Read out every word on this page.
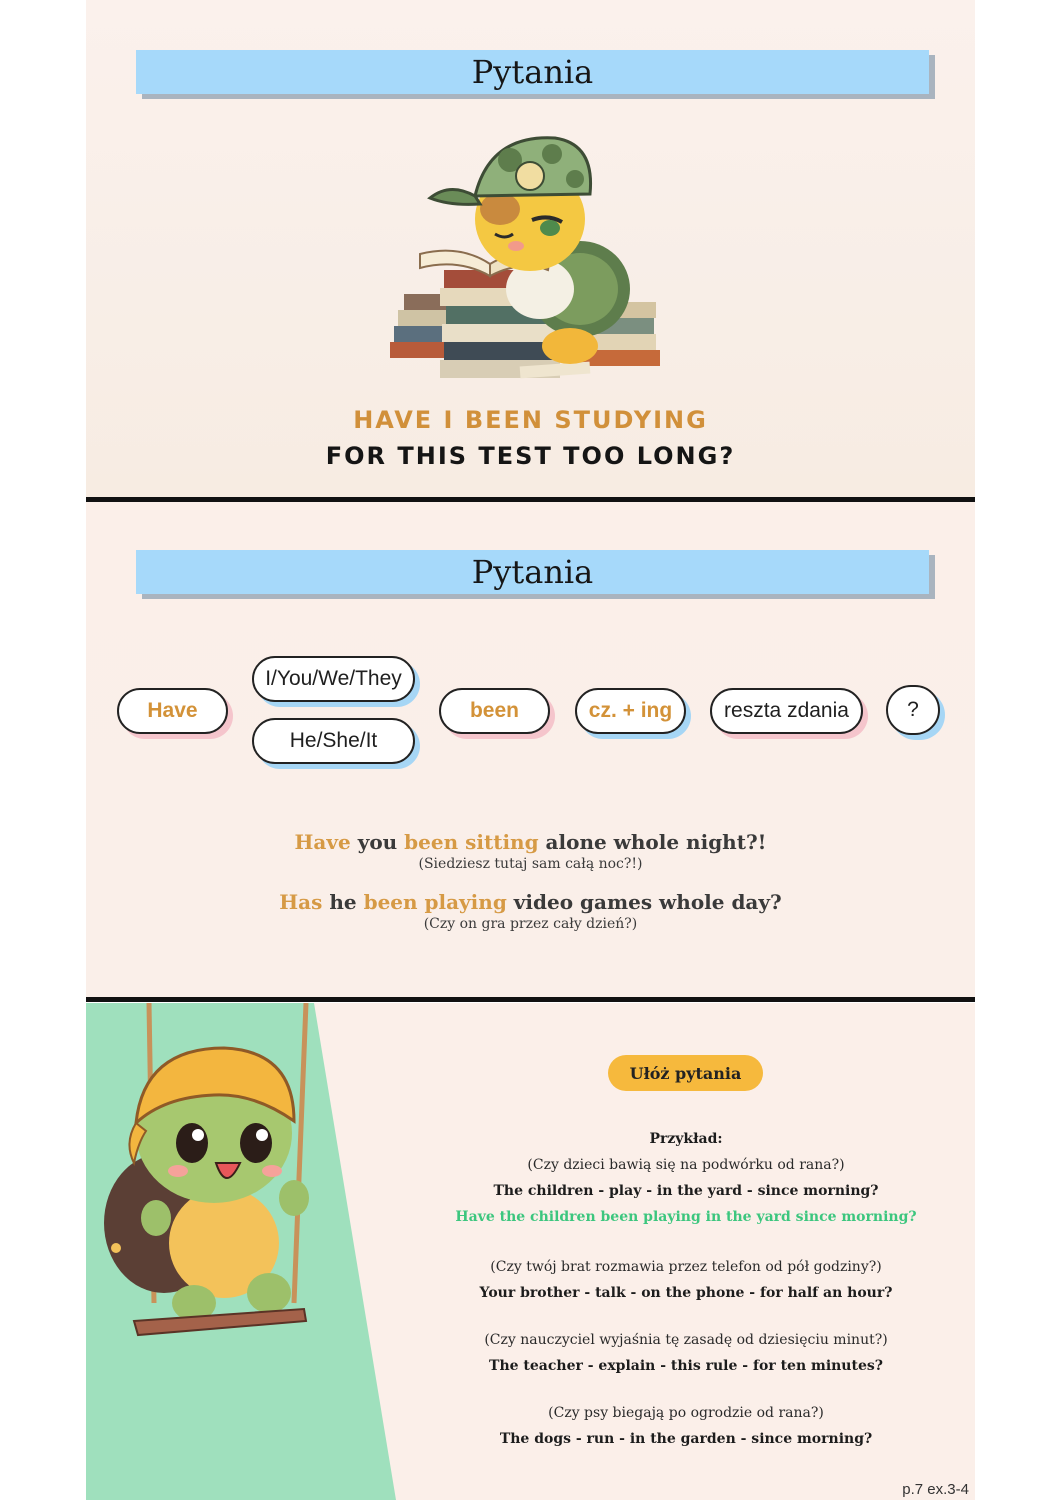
Pytania
HAVE I BEEN STUDYING
FOR THIS TEST TOO LONG?
Pytania
Have
I/You/We/They
He/She/It
been	cz. + ing	reszta zdania	?
Have you been sitting alone whole night?!
(Siedziesz tutaj sam całą noc?!)
Has he been playing video games whole day?
(Czy on gra przez cały dzień?)
Ułóż pytania
Przykład:
(Czy dzieci bawią się na podwórku od rana?)
The children - play - in the yard - since morning?
Have the children been playing in the yard since morning?
(Czy twój brat rozmawia przez telefon od pół godziny?)
Your brother - talk - on the phone - for half an hour?
(Czy nauczyciel wyjaśnia tę zasadę od dziesięciu minut?)
The teacher - explain - this rule - for ten minutes?
(Czy psy biegają po ogrodzie od rana?)
The dogs - run - in the garden - since morning?
p.7 ex.3-4
